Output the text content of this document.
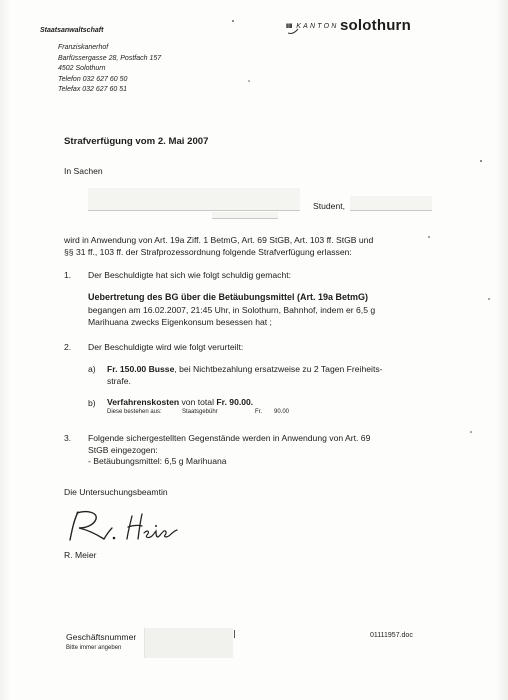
Staatsanwaltschaft	IIIII KANTON solothurn
Franziskanerhof
Barfüssergasse 28, Postfach 157
4502 Solothurn
Telefon 032 627 60 50
Telefax 032 627 60 51
Strafverfügung vom 2. Mai 2007
In Sachen
Student,
wird in Anwendung von Art. 19a Ziff. 1 BetmG, Art. 69 StGB, Art. 103 ff. StGB und
§§ 31 ff., 103 ff. der Strafprozessordnung folgende Strafverfügung erlassen:
1. Der Beschuldigte hat sich wie folgt schuldig gemacht:
Uebertretung des BG über die Betäubungsmittel (Art. 19a BetmG)
begangen am 16.02.2007, 21:45 Uhr, in Solothurn, Bahnhof, indem er 6,5 g
Marihuana zwecks Eigenkonsum besessen hat ;
2. Der Beschuldigte wird wie folgt verurteilt:
a) Fr. 150.00 Busse, bei Nichtbezahlung ersatzweise zu 2 Tagen Freiheits-
strafe.
b) Verfahrenskosten von total Fr. 90.00.
Diese bestehen aus:	Staatsgebühr	Fr. 90.00
3. Folgende sichergestellten Gegenstände werden in Anwendung von Art. 69
StGB eingezogen:
- Betäubungsmittel: 6,5 g Marihuana
Die Untersuchungsbeamtin
R. Meier
Geschäftsnummer
Bitte immer angeben
01111957.doc
